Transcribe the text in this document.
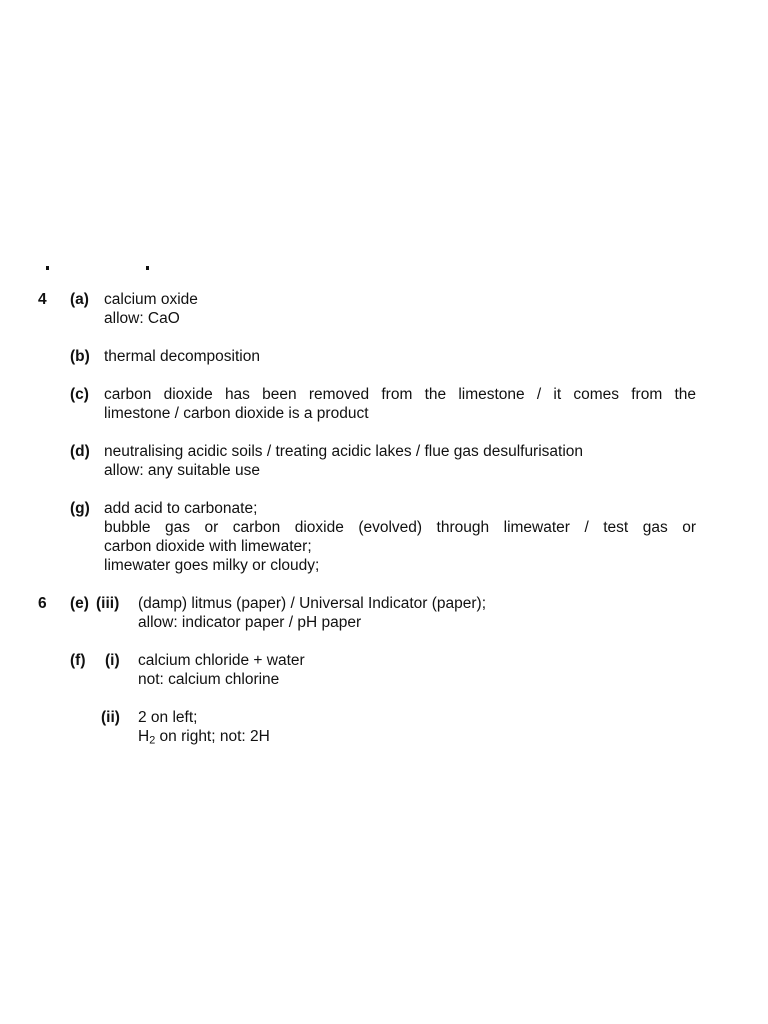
4 (a) calcium oxide
allow: CaO
(b) thermal decomposition
(c) carbon dioxide has been removed from the limestone / it comes from the
limestone / carbon dioxide is a product
(d) neutralising acidic soils / treating acidic lakes / flue gas desulfurisation
allow: any suitable use
(g) add acid to carbonate;
bubble gas or carbon dioxide (evolved) through limewater / test gas or
carbon dioxide with limewater;
limewater goes milky or cloudy;
6 (e) (iii) (damp) litmus (paper) / Universal Indicator (paper);
allow: indicator paper / pH paper
(f) (i) calcium chloride + water
not: calcium chlorine
(ii) 2 on left;
$H_2$ on right; not: 2H
